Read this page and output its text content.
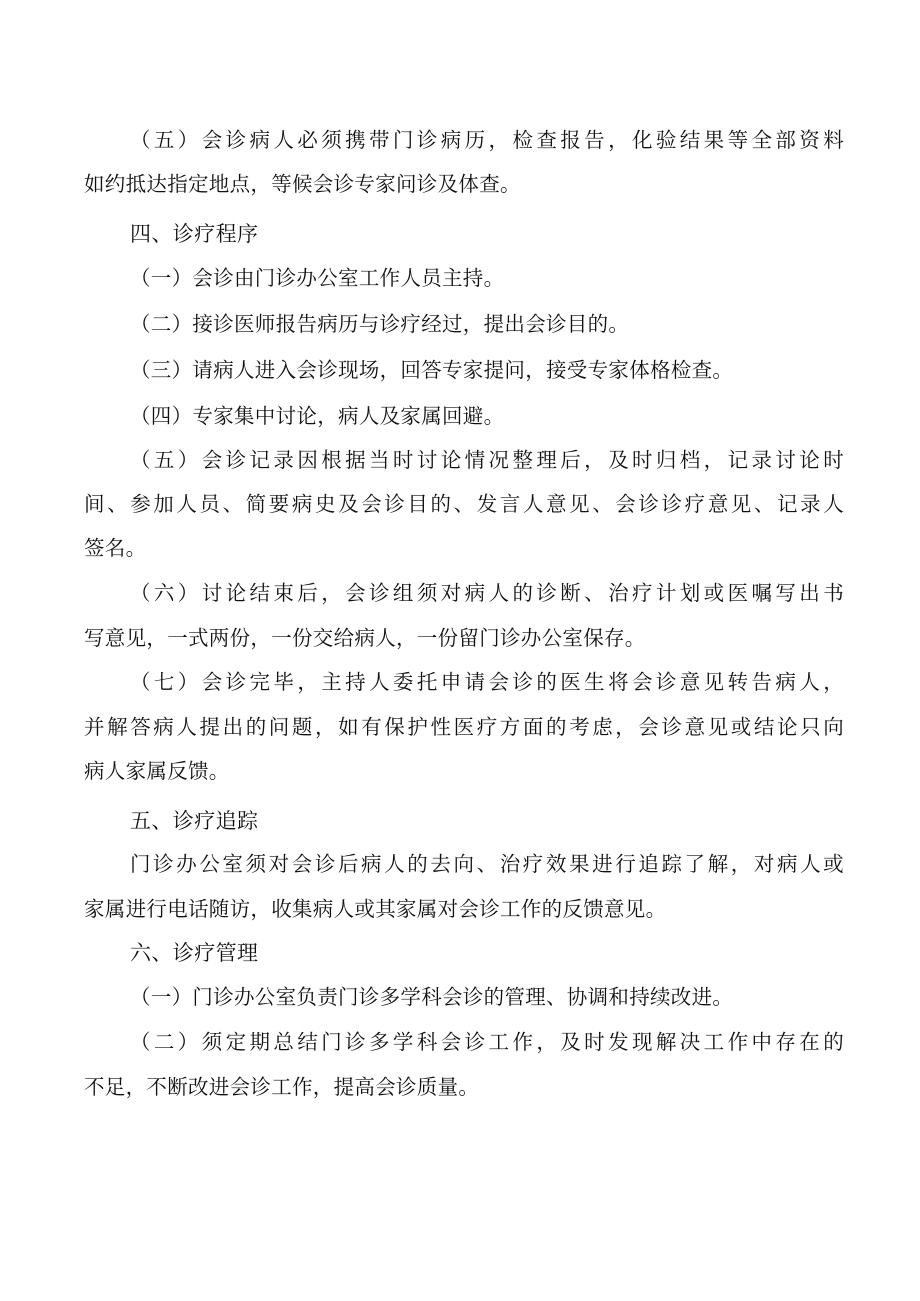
（五）会诊病人必须携带门诊病历，检查报告，化验结果等全部资料
如约抵达指定地点，等候会诊专家问诊及体查。
四、诊疗程序
（一）会诊由门诊办公室工作人员主持。
（二）接诊医师报告病历与诊疗经过，提出会诊目的。
（三）请病人进入会诊现场，回答专家提问，接受专家体格检查。
（四）专家集中讨论，病人及家属回避。
（五）会诊记录因根据当时讨论情况整理后，及时归档，记录讨论时
间、参加人员、简要病史及会诊目的、发言人意见、会诊诊疗意见、记录人
签名。
（六）讨论结束后，会诊组须对病人的诊断、治疗计划或医嘱写出书
写意见，一式两份，一份交给病人，一份留门诊办公室保存。
（七）会诊完毕，主持人委托申请会诊的医生将会诊意见转告病人，
并解答病人提出的问题，如有保护性医疗方面的考虑，会诊意见或结论只向
病人家属反馈。
五、诊疗追踪
门诊办公室须对会诊后病人的去向、治疗效果进行追踪了解，对病人或
家属进行电话随访，收集病人或其家属对会诊工作的反馈意见。
六、诊疗管理
（一）门诊办公室负责门诊多学科会诊的管理、协调和持续改进。
（二）须定期总结门诊多学科会诊工作，及时发现解决工作中存在的
不足，不断改进会诊工作，提高会诊质量。
